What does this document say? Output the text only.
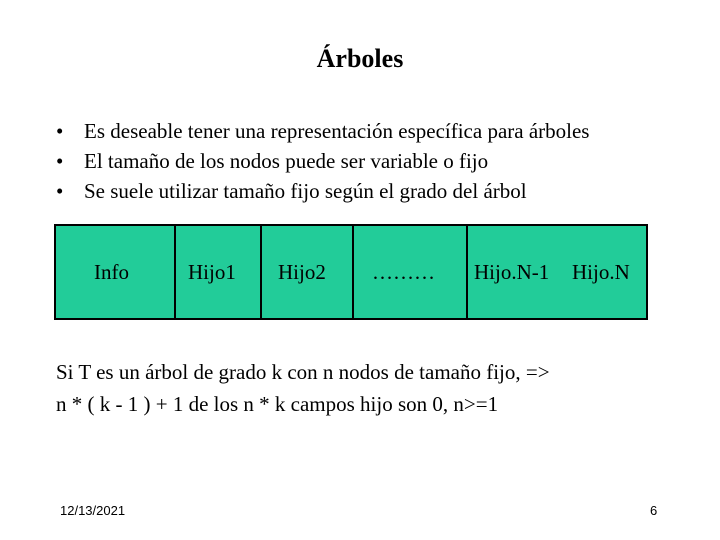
Árboles
• Es deseable tener una representación específica para árboles
• El tamaño de los nodos puede ser variable o fijo
• Se suele utilizar tamaño fijo según el grado del árbol
Info	Hijo1 Hijo2 ……… Hijo.N-1 Hijo.N
Si T es un árbol de grado k con n nodos de tamaño fijo, =>
n * ( k - 1 ) + 1 de los n * k campos hijo son 0, n>=1
12/13/2021	6
